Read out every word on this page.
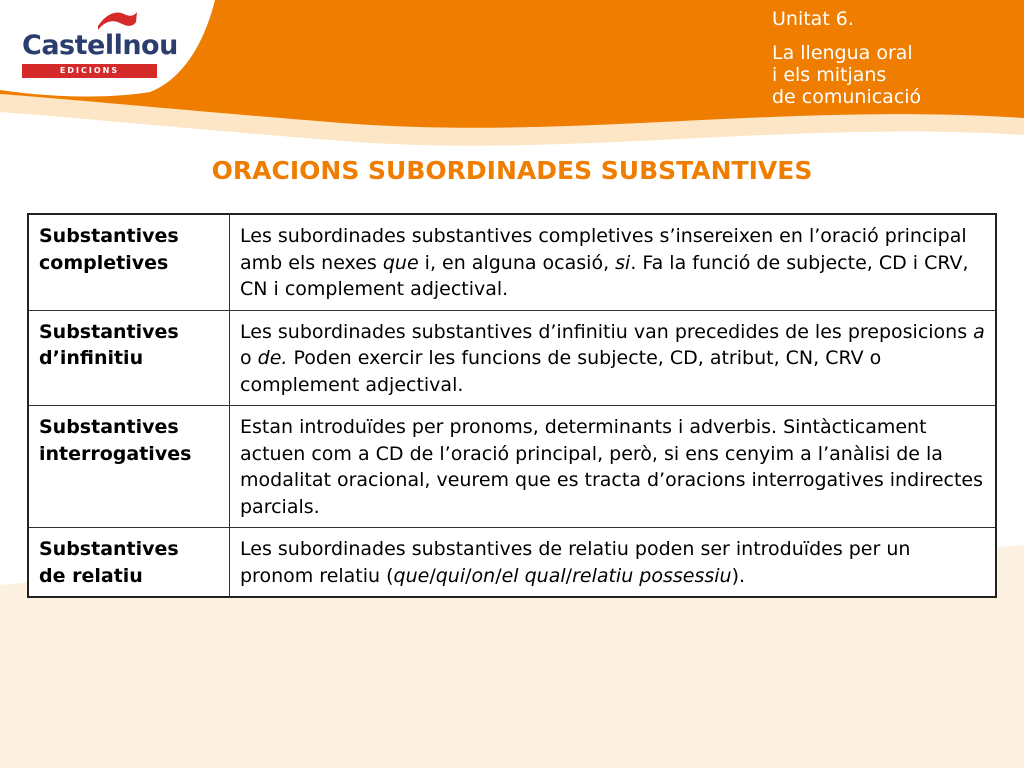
Castellnou
EDICIONS
Unitat 6.
La llengua oral
i els mitjans
de comunicació
ORACIONS SUBORDINADES SUBSTANTIVES
Substantives
completives	Les subordinades substantives completives s’insereixen en l’oració principal amb els nexes que i, en alguna ocasió, si. Fa la funció de subjecte, CD i CRV, CN i complement adjectival.

Substantives
d’infinitiu	Les subordinades substantives d’infinitiu van precedides de les preposicions a o de. Poden exercir les funcions de subjecte, CD, atribut, CN, CRV o complement adjectival.

Substantives
interrogatives	Estan introduïdes per pronoms, determinants i adverbis. Sintàcticament actuen com a CD de l’oració principal, però, si ens cenyim a l’anàlisi de la modalitat oracional, veurem que es tracta d’oracions interrogatives indirectes parcials.

Substantives
de relatiu	Les subordinades substantives de relatiu poden ser introduïdes per un pronom relatiu (que/qui/on/el qual/relatiu possessiu).
